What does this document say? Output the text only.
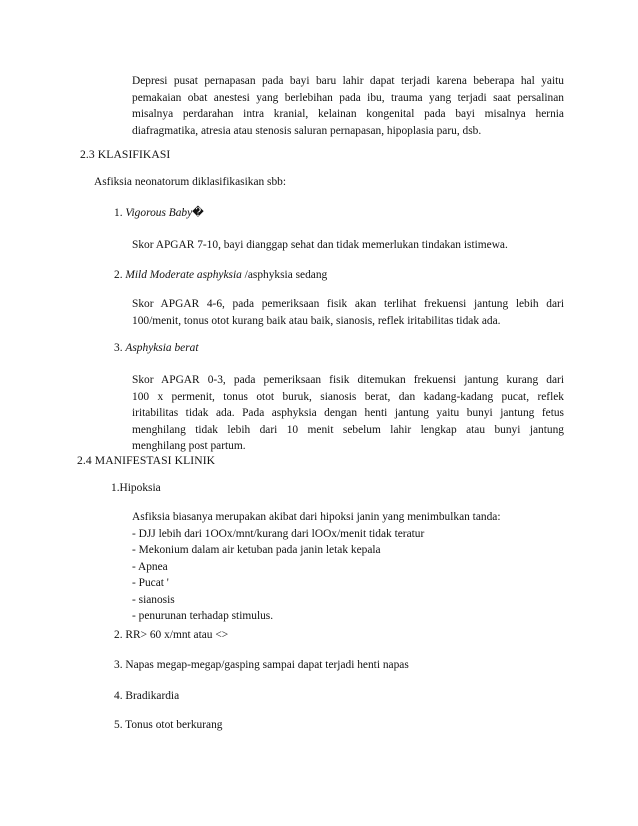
Depresi pusat pernapasan pada bayi baru lahir dapat terjadi karena beberapa hal yaitu
pemakaian obat anestesi yang berlebihan pada ibu, trauma yang terjadi saat persalinan
misalnya perdarahan intra kranial, kelainan kongenital pada bayi misalnya hernia
diafragmatika, atresia atau stenosis saluran pernapasan, hipoplasia paru, dsb.
2.3 KLASIFIKASI
Asfiksia neonatorum diklasifikasikan sbb:
1. Vigorous Baby�
Skor APGAR 7-10, bayi dianggap sehat dan tidak memerlukan tindakan istimewa.
2. Mild Moderate asphyksia /asphyksia sedang
Skor APGAR 4-6, pada pemeriksaan fisik akan terlihat frekuensi jantung lebih dari
100/menit, tonus otot kurang baik atau baik, sianosis, reflek iritabilitas tidak ada.
3. Asphyksia berat
Skor APGAR 0-3, pada pemeriksaan fisik ditemukan frekuensi jantung kurang dari
100 x permenit, tonus otot buruk, sianosis berat, dan kadang-kadang pucat, reflek
iritabilitas tidak ada. Pada asphyksia dengan henti jantung yaitu bunyi jantung fetus
menghilang tidak lebih dari 10 menit sebelum lahir lengkap atau bunyi jantung
menghilang post partum.
2.4 MANIFESTASI KLINIK
1.Hipoksia
Asfiksia biasanya merupakan akibat dari hipoksi janin yang menimbulkan tanda:
- DJJ lebih dari 1OOx/mnt/kurang dari lOOx/menit tidak teratur
- Mekonium dalam air ketuban pada janin letak kepala
- Apnea
- Pucat '
- sianosis
- penurunan terhadap stimulus.
2. RR> 60 x/mnt atau <>
3. Napas megap-megap/gasping sampai dapat terjadi henti napas
4. Bradikardia
5. Tonus otot berkurang
